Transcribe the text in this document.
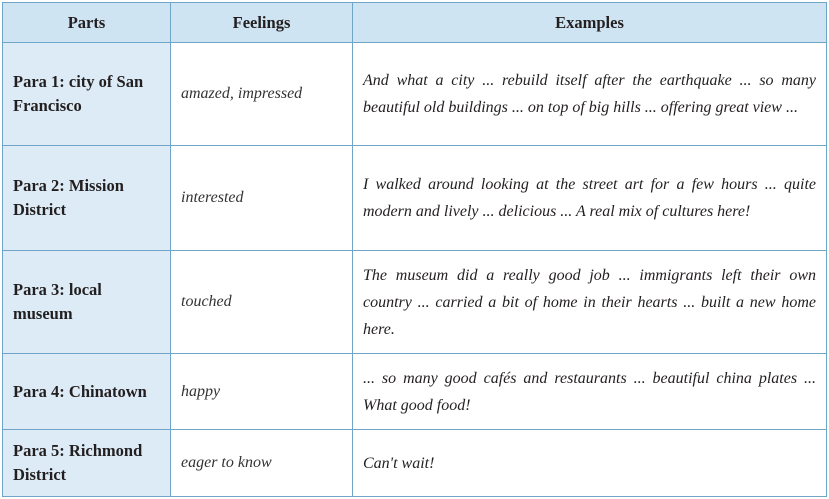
Parts	Feelings	Examples
Para 1: city of San Francisco	amazed, impressed	And what a city ... rebuild itself after the earthquake ... so many beautiful old buildings ... on top of big hills ... offering great view ...
Para 2: Mission District	interested	I walked around looking at the street art for a few hours ... quite modern and lively ... delicious ... A real mix of cultures here!
Para 3: local museum	touched	The museum did a really good job ... immigrants left their own country ... carried a bit of home in their hearts ... built a new home here.
Para 4: Chinatown	happy	... so many good cafés and restaurants ... beautiful china plates ... What good food!
Para 5: Richmond District	eager to know	Can't wait!
